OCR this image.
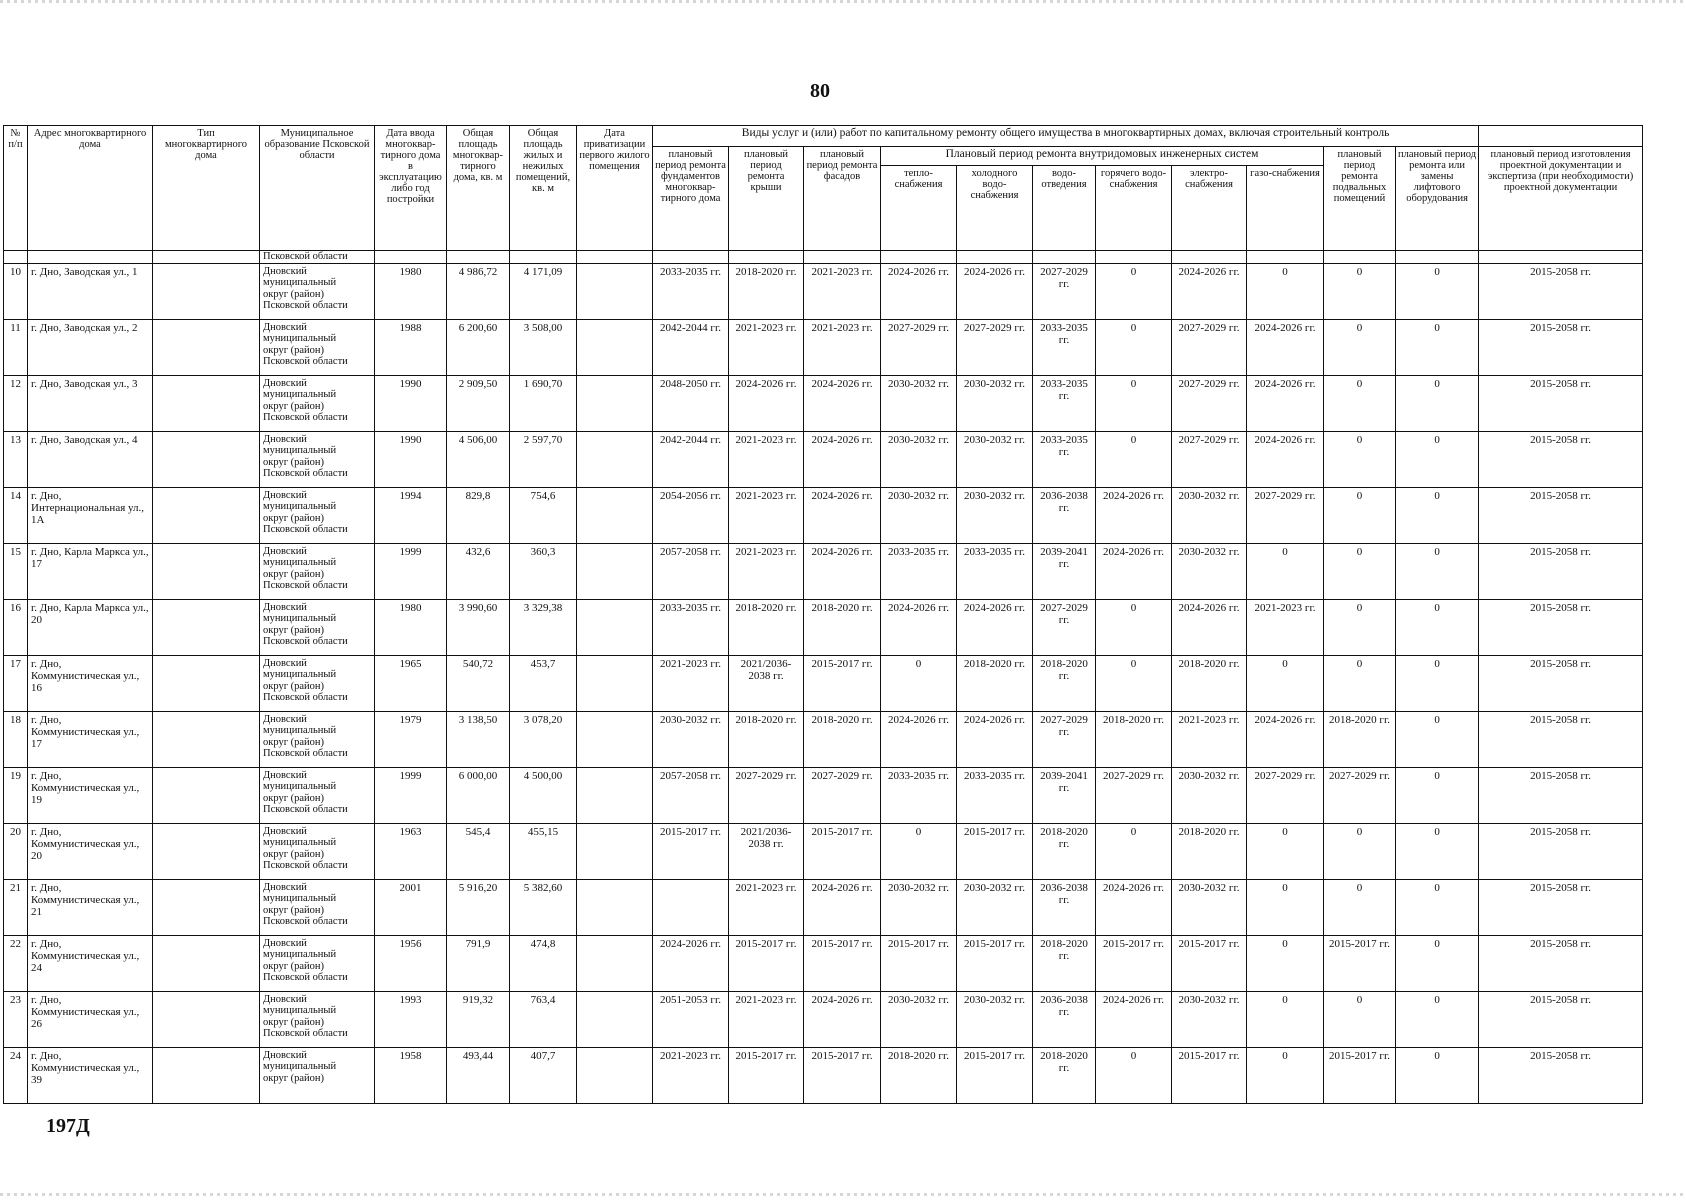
80
№ п/п	Адрес многоквартирного дома	Тип многоквартирного дома	Муниципальное образование Псковской области	Дата ввода многоквар-тирного дома в эксплуатацию либо год постройки	Общая площадь многоквар-тирного дома, кв. м	Общая площадь жилых и нежилых помещений, кв. м	Дата приватизации первого жилого помещения	Виды услуг и (или) работ по капитальному ремонту общего имущества в многоквартирных домах, включая строительный контроль											
								плановый период ремонта фундаментов многоквар-тирного дома	плановый период ремонта крыши	плановый период ремонта фасадов	Плановый период ремонта внутридомовых инженерных систем						плановый период ремонта подвальных помещений	плановый период ремонта или замены лифтового оборудования	плановый период изготовления проектной документации и экспертиза (при необходимости) проектной документации
											тепло-снабжения	холодного водо-снабжения	водо-отведения	горячего водо-снабжения	электро-снабжения	газо-снабжения			
			Псковской области																
10	г. Дно, Заводская ул., 1		Дновский
муниципальный
округ (район)
Псковской области	1980	4 986,72	4 171,09		2033-2035 гг.	2018-2020 гг.	2021-2023 гг.	2024-2026 гг.	2024-2026 гг.	2027-2029 гг.	0	2024-2026 гг.	0	0	0	2015-2058 гг.
11	г. Дно, Заводская ул., 2		Дновский
муниципальный
округ (район)
Псковской области	1988	6 200,60	3 508,00		2042-2044 гг.	2021-2023 гг.	2021-2023 гг.	2027-2029 гг.	2027-2029 гг.	2033-2035 гг.	0	2027-2029 гг.	2024-2026 гг.	0	0	2015-2058 гг.
12	г. Дно, Заводская ул., 3		Дновский
муниципальный
округ (район)
Псковской области	1990	2 909,50	1 690,70		2048-2050 гг.	2024-2026 гг.	2024-2026 гг.	2030-2032 гг.	2030-2032 гг.	2033-2035 гг.	0	2027-2029 гг.	2024-2026 гг.	0	0	2015-2058 гг.
13	г. Дно, Заводская ул., 4		Дновский
муниципальный
округ (район)
Псковской области	1990	4 506,00	2 597,70		2042-2044 гг.	2021-2023 гг.	2024-2026 гг.	2030-2032 гг.	2030-2032 гг.	2033-2035 гг.	0	2027-2029 гг.	2024-2026 гг.	0	0	2015-2058 гг.
14	г. Дно, Интернациональная ул., 1А		Дновский
муниципальный
округ (район)
Псковской области	1994	829,8	754,6		2054-2056 гг.	2021-2023 гг.	2024-2026 гг.	2030-2032 гг.	2030-2032 гг.	2036-2038 гг.	2024-2026 гг.	2030-2032 гг.	2027-2029 гг.	0	0	2015-2058 гг.
15	г. Дно, Карла Маркса ул., 17		Дновский
муниципальный
округ (район)
Псковской области	1999	432,6	360,3		2057-2058 гг.	2021-2023 гг.	2024-2026 гг.	2033-2035 гг.	2033-2035 гг.	2039-2041 гг.	2024-2026 гг.	2030-2032 гг.	0	0	0	2015-2058 гг.
16	г. Дно, Карла Маркса ул., 20		Дновский
муниципальный
округ (район)
Псковской области	1980	3 990,60	3 329,38		2033-2035 гг.	2018-2020 гг.	2018-2020 гг.	2024-2026 гг.	2024-2026 гг.	2027-2029 гг.	0	2024-2026 гг.	2021-2023 гг.	0	0	2015-2058 гг.
17	г. Дно, Коммунистическая ул., 16		Дновский
муниципальный
округ (район)
Псковской области	1965	540,72	453,7		2021-2023 гг.	2021/2036-2038 гг.	2015-2017 гг.	0	2018-2020 гг.	2018-2020 гг.	0	2018-2020 гг.	0	0	0	2015-2058 гг.
18	г. Дно, Коммунистическая ул., 17		Дновский
муниципальный
округ (район)
Псковской области	1979	3 138,50	3 078,20		2030-2032 гг.	2018-2020 гг.	2018-2020 гг.	2024-2026 гг.	2024-2026 гг.	2027-2029 гг.	2018-2020 гг.	2021-2023 гг.	2024-2026 гг.	2018-2020 гг.	0	2015-2058 гг.
19	г. Дно, Коммунистическая ул., 19		Дновский
муниципальный
округ (район)
Псковской области	1999	6 000,00	4 500,00		2057-2058 гг.	2027-2029 гг.	2027-2029 гг.	2033-2035 гг.	2033-2035 гг.	2039-2041 гг.	2027-2029 гг.	2030-2032 гг.	2027-2029 гг.	2027-2029 гг.	0	2015-2058 гг.
20	г. Дно, Коммунистическая ул., 20		Дновский
муниципальный
округ (район)
Псковской области	1963	545,4	455,15		2015-2017 гг.	2021/2036-2038 гг.	2015-2017 гг.	0	2015-2017 гг.	2018-2020 гг.	0	2018-2020 гг.	0	0	0	2015-2058 гг.
21	г. Дно, Коммунистическая ул., 21		Дновский
муниципальный
округ (район)
Псковской области	2001	5 916,20	5 382,60			2021-2023 гг.	2024-2026 гг.	2030-2032 гг.	2030-2032 гг.	2036-2038 гг.	2024-2026 гг.	2030-2032 гг.	0	0	0	2015-2058 гг.
22	г. Дно, Коммунистическая ул., 24		Дновский
муниципальный
округ (район)
Псковской области	1956	791,9	474,8		2024-2026 гг.	2015-2017 гг.	2015-2017 гг.	2015-2017 гг.	2015-2017 гг.	2018-2020 гг.	2015-2017 гг.	2015-2017 гг.	0	2015-2017 гг.	0	2015-2058 гг.
23	г. Дно, Коммунистическая ул., 26		Дновский
муниципальный
округ (район)
Псковской области	1993	919,32	763,4		2051-2053 гг.	2021-2023 гг.	2024-2026 гг.	2030-2032 гг.	2030-2032 гг.	2036-2038 гг.	2024-2026 гг.	2030-2032 гг.	0	0	0	2015-2058 гг.
24	г. Дно, Коммунистическая ул., 39		Дновский
муниципальный
округ (район)	1958	493,44	407,7		2021-2023 гг.	2015-2017 гг.	2015-2017 гг.	2018-2020 гг.	2015-2017 гг.	2018-2020 гг.	0	2015-2017 гг.	0	2015-2017 гг.	0	2015-2058 гг.
197Д
